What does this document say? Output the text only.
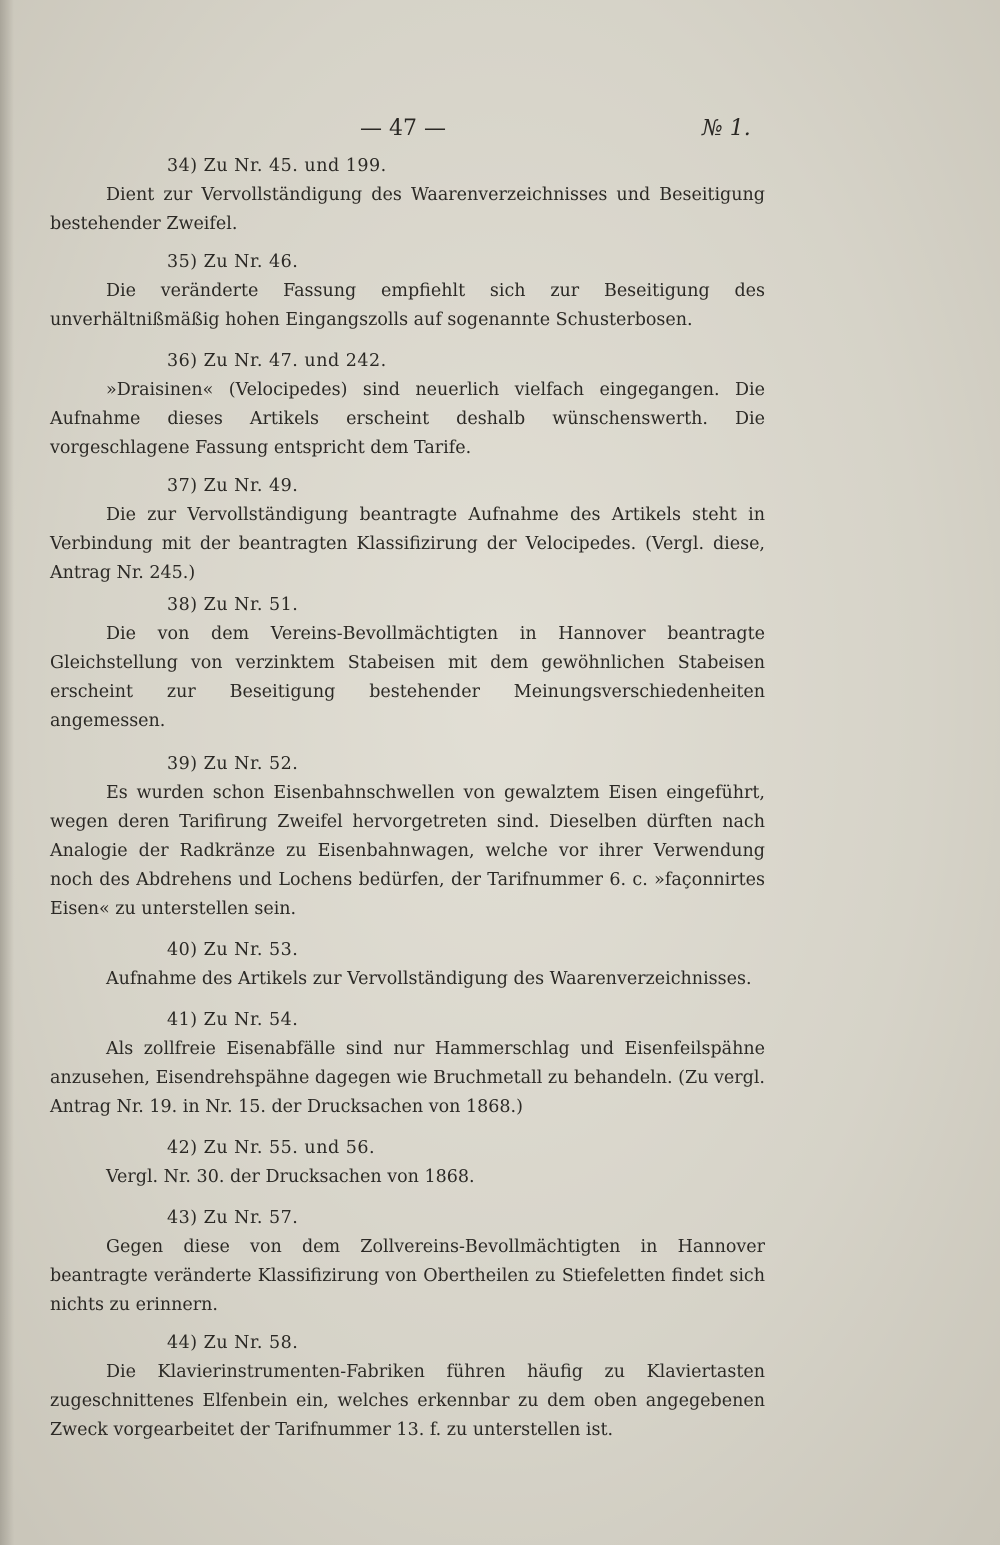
— 47 —	№ 1.

34) Zu Nr. 45. und 199.

Dient zur Vervollständigung des Waarenverzeichnisses und Beseitigung bestehender Zweifel.

35) Zu Nr. 46.

Die veränderte Fassung empfiehlt sich zur Beseitigung des unverhältnißmäßig hohen Eingangszolls auf sogenannte Schusterbosen.

36) Zu Nr. 47. und 242.

»Draisinen« (Velocipedes) sind neuerlich vielfach eingegangen. Die Aufnahme dieses Artikels erscheint deshalb wünschenswerth. Die vorgeschlagene Fassung entspricht dem Tarife.

37) Zu Nr. 49.

Die zur Vervollständigung beantragte Aufnahme des Artikels steht in Verbindung mit der beantragten Klassifizirung der Velocipedes. (Vergl. diese, Antrag Nr. 245.)

38) Zu Nr. 51.

Die von dem Vereins-Bevollmächtigten in Hannover beantragte Gleichstellung von verzinktem Stabeisen mit dem gewöhnlichen Stabeisen erscheint zur Beseitigung bestehender Meinungsverschiedenheiten angemessen.

39) Zu Nr. 52.

Es wurden schon Eisenbahnschwellen von gewalztem Eisen eingeführt, wegen deren Tarifirung Zweifel hervorgetreten sind. Dieselben dürften nach Analogie der Radkränze zu Eisenbahnwagen, welche vor ihrer Verwendung noch des Abdrehens und Lochens bedürfen, der Tarifnummer 6. c. »façonnirtes Eisen« zu unterstellen sein.

40) Zu Nr. 53.

Aufnahme des Artikels zur Vervollständigung des Waarenverzeichnisses.

41) Zu Nr. 54.

Als zollfreie Eisenabfälle sind nur Hammerschlag und Eisenfeilspähne anzusehen, Eisendrehspähne dagegen wie Bruchmetall zu behandeln. (Zu vergl. Antrag Nr. 19. in Nr. 15. der Drucksachen von 1868.)

42) Zu Nr. 55. und 56.

Vergl. Nr. 30. der Drucksachen von 1868.

43) Zu Nr. 57.

Gegen diese von dem Zollvereins-Bevollmächtigten in Hannover beantragte veränderte Klassifizirung von Obertheilen zu Stiefeletten findet sich nichts zu erinnern.

44) Zu Nr. 58.

Die Klavierinstrumenten-Fabriken führen häufig zu Klaviertasten zugeschnittenes Elfenbein ein, welches erkennbar zu dem oben angegebenen Zweck vorgearbeitet der Tarifnummer 13. f. zu unterstellen ist.
